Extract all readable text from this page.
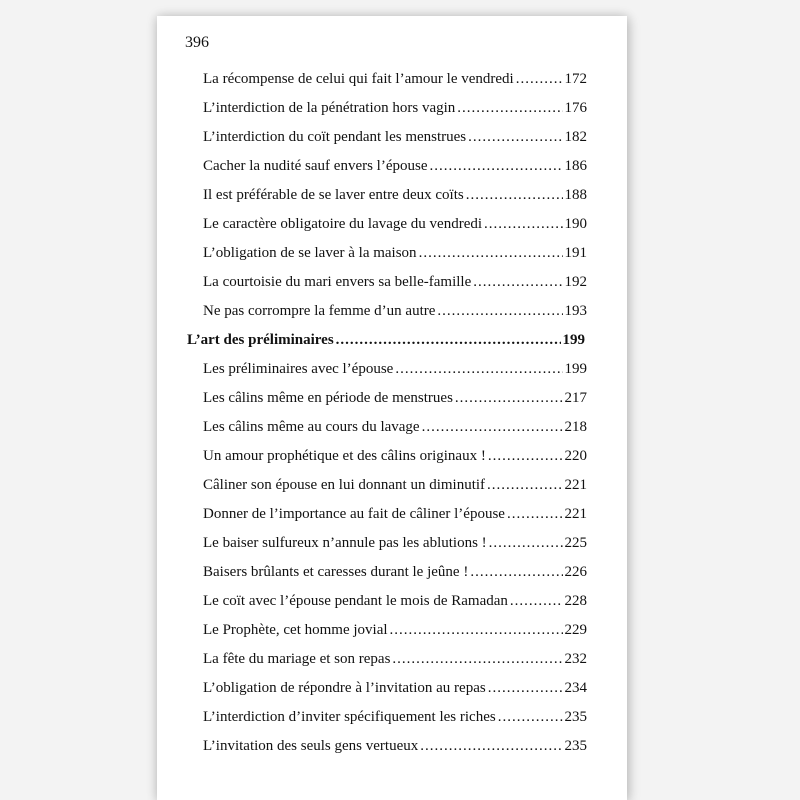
396
La récompense de celui qui fait l’amour le vendredi .....	172
L’interdiction de la pénétration hors vagin .....	176
L’interdiction du coït pendant les menstrues .....	182
Cacher la nudité sauf envers l’épouse .....	186
Il est préférable de se laver entre deux coïts .....	188
Le caractère obligatoire du lavage du vendredi .....	190
L’obligation de se laver à la maison .....	191
La courtoisie du mari envers sa belle-famille .....	192
Ne pas corrompre la femme d’un autre .....	193
L’art des préliminaires .....	199
Les préliminaires avec l’épouse .....	199
Les câlins même en période de menstrues .....	217
Les câlins même au cours du lavage .....	218
Un amour prophétique et des câlins originaux ! .....	220
Câliner son épouse en lui donnant un diminutif .....	221
Donner de l’importance au fait de câliner l’épouse .....	221
Le baiser sulfureux n’annule pas les ablutions ! .....	225
Baisers brûlants et caresses durant le jeûne ! .....	226
Le coït avec l’épouse pendant le mois de Ramadan .....	228
Le Prophète, cet homme jovial .....	229
La fête du mariage et son repas .....	232
L’obligation de répondre à l’invitation au repas .....	234
L’interdiction d’inviter spécifiquement les riches .....	235
L’invitation des seuls gens vertueux .....	235
